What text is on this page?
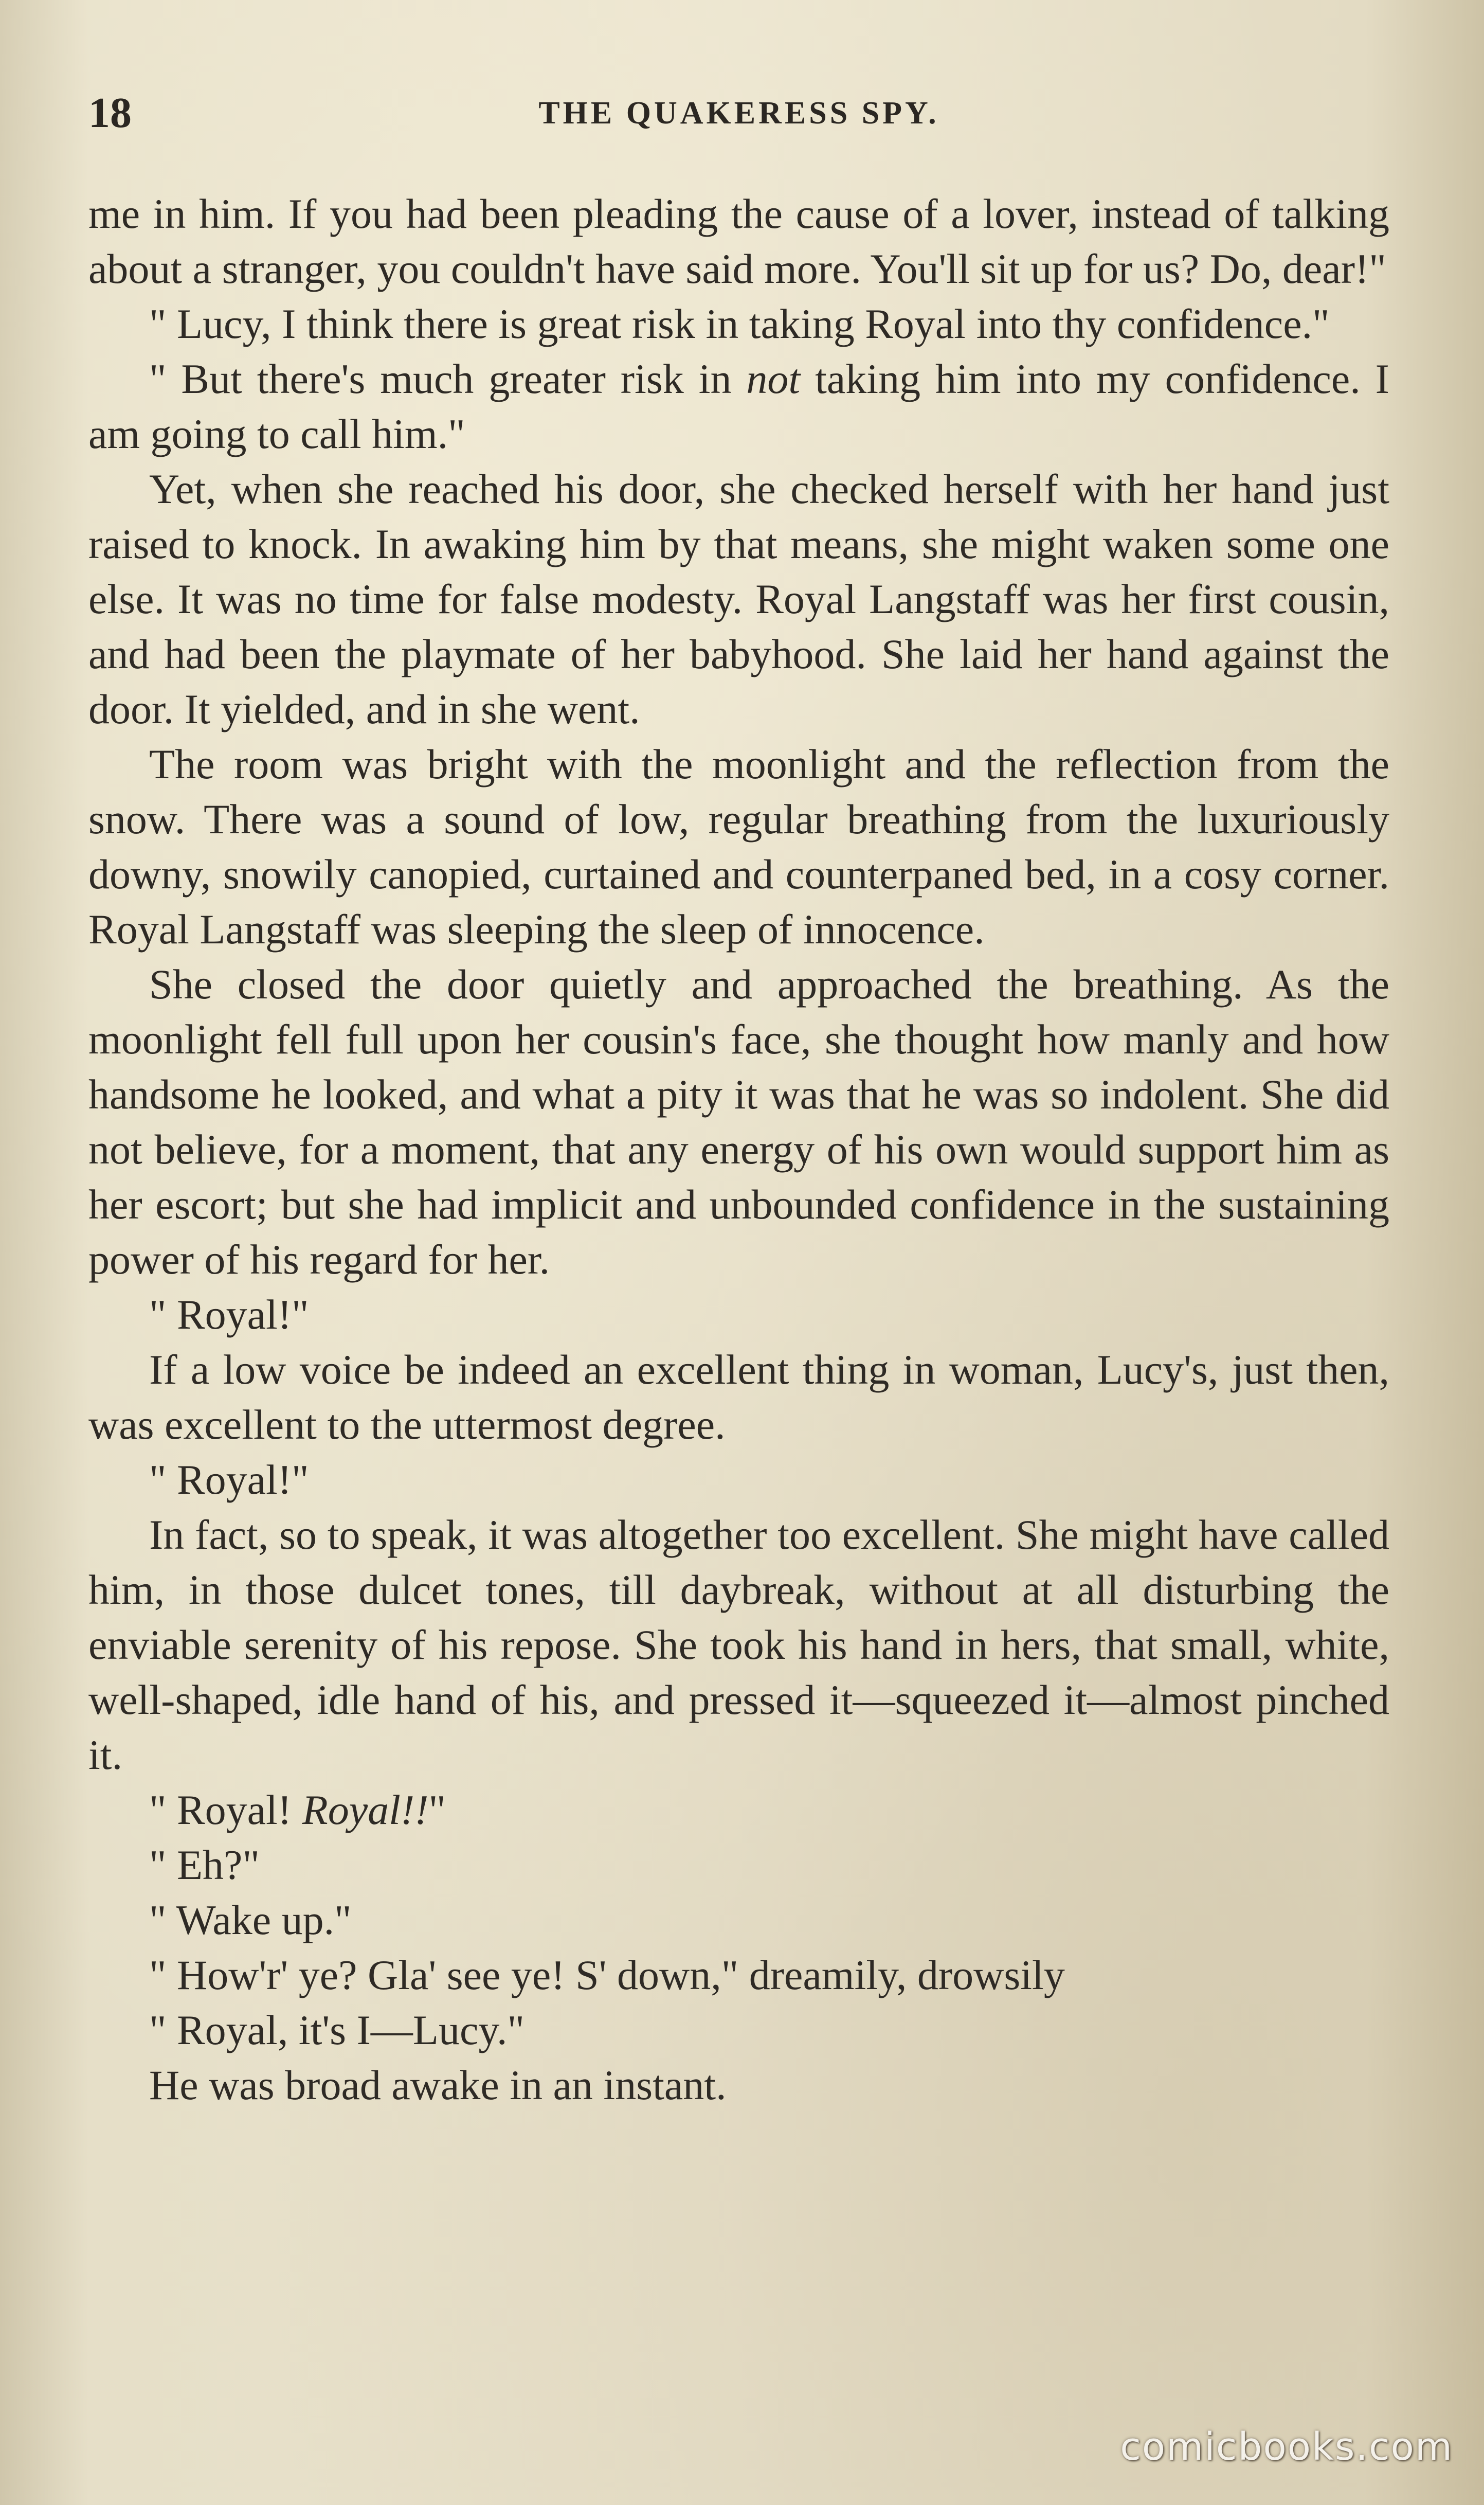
18	THE QUAKERESS SPY.

me in him. If you had been pleading the cause of a lover, instead of talking about a stranger, you couldn't have said more. You'll sit up for us? Do, dear!"

" Lucy, I think there is great risk in taking Royal into thy confidence."

" But there's much greater risk in not taking him into my confidence. I am going to call him."

Yet, when she reached his door, she checked herself with her hand just raised to knock. In awaking him by that means, she might waken some one else. It was no time for false modesty. Royal Langstaff was her first cousin, and had been the playmate of her babyhood. She laid her hand against the door. It yielded, and in she went.

The room was bright with the moonlight and the reflection from the snow. There was a sound of low, regular breathing from the luxuriously downy, snowily canopied, curtained and counterpaned bed, in a cosy corner. Royal Langstaff was sleeping the sleep of innocence.

She closed the door quietly and approached the breathing. As the moonlight fell full upon her cousin's face, she thought how manly and how handsome he looked, and what a pity it was that he was so indolent. She did not believe, for a moment, that any energy of his own would support him as her escort; but she had implicit and unbounded confidence in the sustaining power of his regard for her.

" Royal!"

If a low voice be indeed an excellent thing in woman, Lucy's, just then, was excellent to the uttermost degree.

" Royal!"

In fact, so to speak, it was altogether too excellent. She might have called him, in those dulcet tones, till daybreak, without at all disturbing the enviable serenity of his repose. She took his hand in hers, that small, white, well-shaped, idle hand of his, and pressed it—squeezed it—almost pinched it.

" Royal! Royal!!"

" Eh?"

" Wake up."

" How'r' ye? Gla' see ye! S' down," dreamily, drowsily

" Royal, it's I—Lucy."

He was broad awake in an instant.

comicbooks.com
